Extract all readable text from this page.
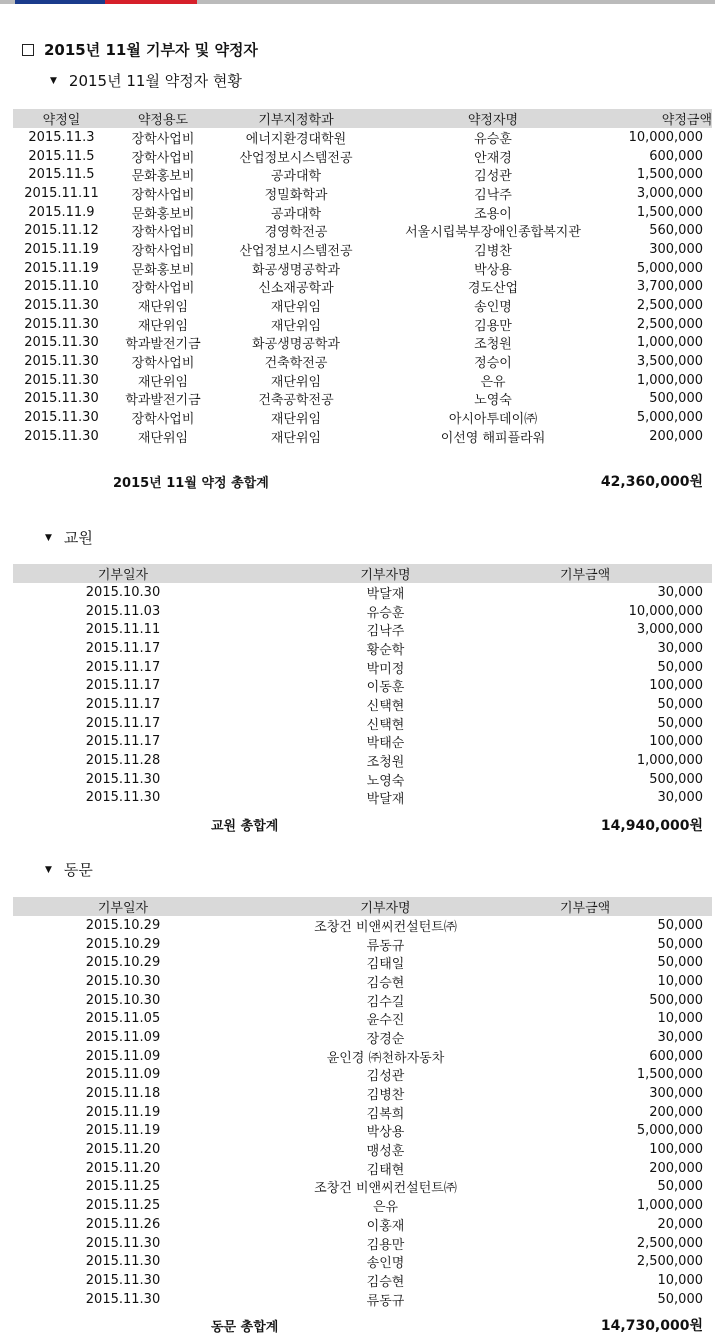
2015년 11월 기부자 및 약정자
▼ 2015년 11월 약정자 현황
약정일	약정용도	기부지정학과	약정자명	약정금액
2015.11.3	장학사업비	에너지환경대학원	유승훈	10,000,000
2015.11.5	장학사업비	산업정보시스템전공	안재경	600,000
2015.11.5	문화홍보비	공과대학	김성관	1,500,000
2015.11.11	장학사업비	정밀화학과	김낙주	3,000,000
2015.11.9	문화홍보비	공과대학	조용이	1,500,000
2015.11.12	장학사업비	경영학전공	서울시립북부장애인종합복지관	560,000
2015.11.19	장학사업비	산업정보시스템전공	김병찬	300,000
2015.11.19	문화홍보비	화공생명공학과	박상용	5,000,000
2015.11.10	장학사업비	신소재공학과	경도산업	3,700,000
2015.11.30	재단위임	재단위임	송인명	2,500,000
2015.11.30	재단위임	재단위임	김용만	2,500,000
2015.11.30	학과발전기금	화공생명공학과	조청원	1,000,000
2015.11.30	장학사업비	건축학전공	정승이	3,500,000
2015.11.30	재단위임	재단위임	은유	1,000,000
2015.11.30	학과발전기금	건축공학전공	노영숙	500,000
2015.11.30	장학사업비	재단위임	아시아투데이㈜	5,000,000
2015.11.30	재단위임	재단위임	이선영 해피플라워	200,000
2015년 11월 약정 총합계	42,360,000원
▼ 교원
기부일자	기부자명	기부금액
2015.10.30	박달재	30,000
2015.11.03	유승훈	10,000,000
2015.11.11	김낙주	3,000,000
2015.11.17	황순학	30,000
2015.11.17	박미정	50,000
2015.11.17	이동훈	100,000
2015.11.17	신택현	50,000
2015.11.17	신택현	50,000
2015.11.17	박태순	100,000
2015.11.28	조청원	1,000,000
2015.11.30	노영숙	500,000
2015.11.30	박달재	30,000
교원 총합계	14,940,000원
▼ 동문
기부일자	기부자명	기부금액
2015.10.29	조창건 비앤씨컨설턴트㈜	50,000
2015.10.29	류동규	50,000
2015.10.29	김태일	50,000
2015.10.30	김승현	10,000
2015.10.30	김수길	500,000
2015.11.05	윤수진	10,000
2015.11.09	장경순	30,000
2015.11.09	윤인경 ㈜천하자동차	600,000
2015.11.09	김성관	1,500,000
2015.11.18	김병찬	300,000
2015.11.19	김복희	200,000
2015.11.19	박상용	5,000,000
2015.11.20	맹성훈	100,000
2015.11.20	김태현	200,000
2015.11.25	조창건 비앤씨컨설턴트㈜	50,000
2015.11.25	은유	1,000,000
2015.11.26	이홍재	20,000
2015.11.30	김용만	2,500,000
2015.11.30	송인명	2,500,000
2015.11.30	김승현	10,000
2015.11.30	류동규	50,000
동문 총합계	14,730,000원
